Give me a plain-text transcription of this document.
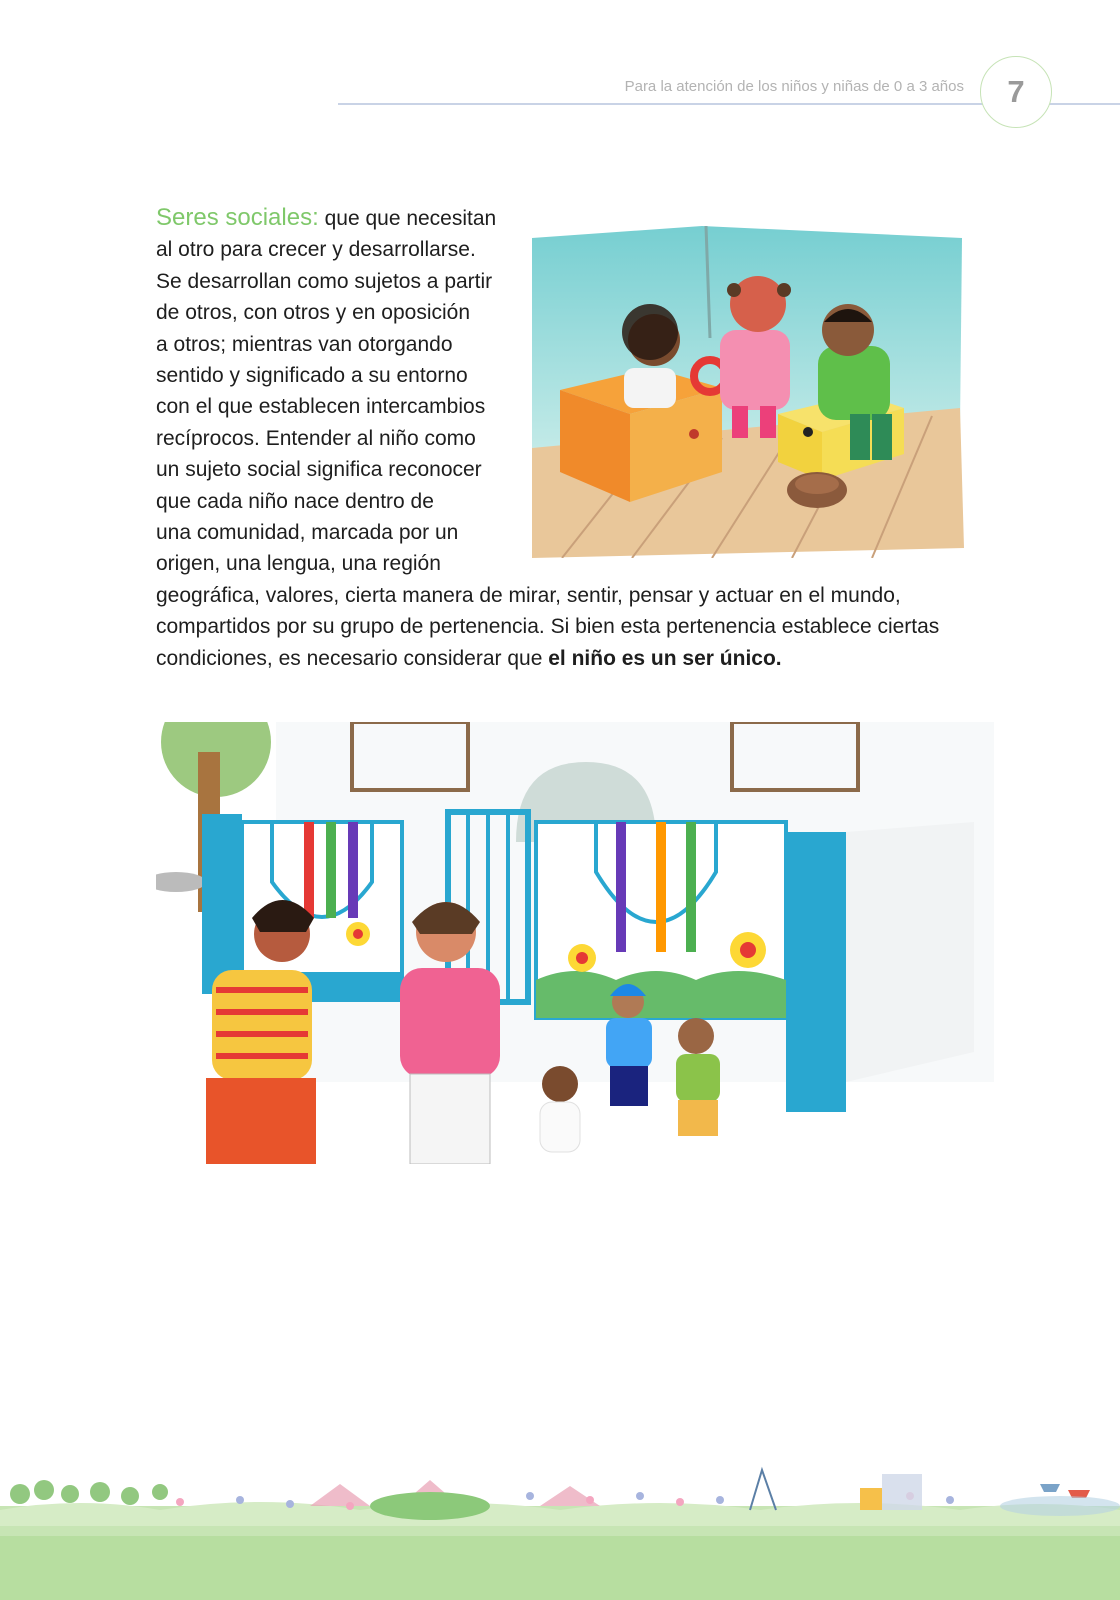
Para la atención de los niños y niñas de 0 a 3 años 7
Seres sociales: que que necesitan
al otro para crecer y desarrollarse.
Se desarrollan como sujetos a partir
de otros, con otros y en oposición
a otros; mientras van otorgando
sentido y significado a su entorno
con el que establecen intercambios
recíprocos. Entender al niño como
un sujeto social significa reconocer
que cada niño nace dentro de
una comunidad, marcada por un
origen, una lengua, una región
geográfica, valores, cierta manera de mirar, sentir, pensar y actuar en el mundo,
compartidos por su grupo de pertenencia. Si bien esta pertenencia establece ciertas
condiciones, es necesario considerar que el niño es un ser único.
